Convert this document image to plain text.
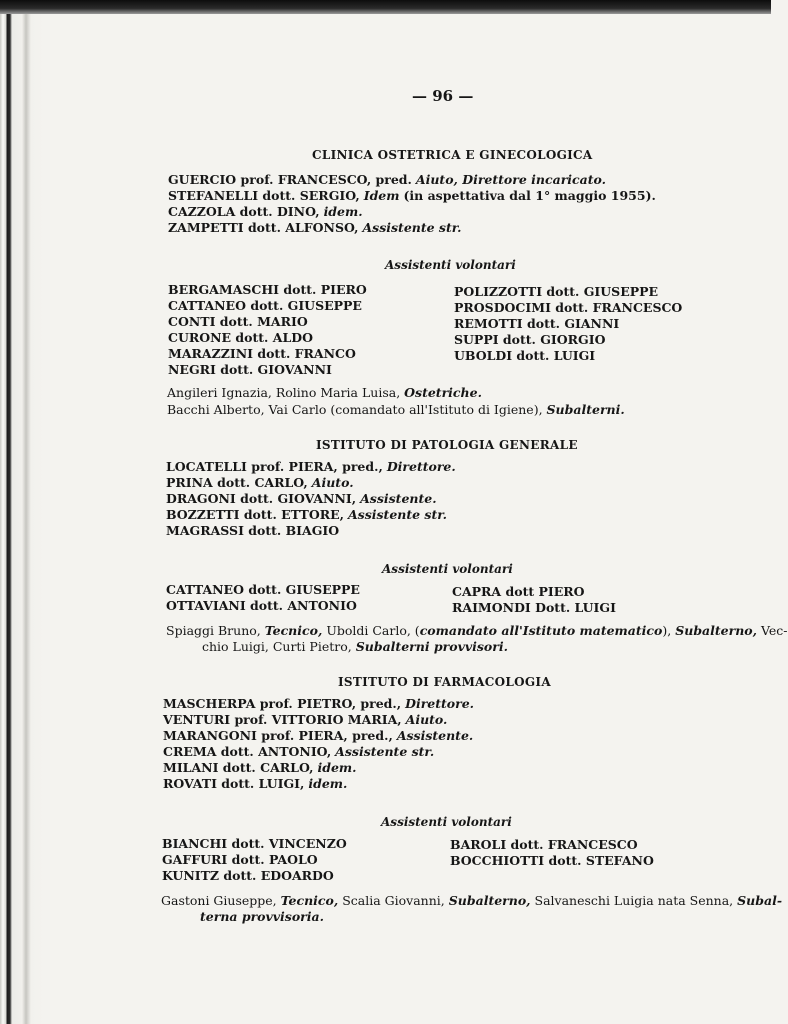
— 96 —
CLINICA OSTETRICA E GINECOLOGICA
GUERCIO prof. FRANCESCO, pred. Aiuto, Direttore incaricato.
STEFANELLI dott. SERGIO, Idem (in aspettativa dal 1° maggio 1955).
CAZZOLA dott. DINO, idem.
ZAMPETTI dott. ALFONSO, Assistente str.
Assistenti volontari
BERGAMASCHI dott. PIERO
CATTANEO dott. GIUSEPPE
CONTI dott. MARIO
CURONE dott. ALDO
MARAZZINI dott. FRANCO
NEGRI dott. GIOVANNI
POLIZZOTTI dott. GIUSEPPE
PROSDOCIMI dott. FRANCESCO
REMOTTI dott. GIANNI
SUPPI dott. GIORGIO
UBOLDI dott. LUIGI
Angileri Ignazia, Rolino Maria Luisa, Ostetriche.
Bacchi Alberto, Vai Carlo (comandato all'Istituto di Igiene), Subalterni.
ISTITUTO DI PATOLOGIA GENERALE
LOCATELLI prof. PIERA, pred., Direttore.
PRINA dott. CARLO, Aiuto.
DRAGONI dott. GIOVANNI, Assistente.
BOZZETTI dott. ETTORE, Assistente str.
MAGRASSI dott. BIAGIO
Assistenti volontari
CATTANEO dott. GIUSEPPE
OTTAVIANI dott. ANTONIO
CAPRA dott PIERO
RAIMONDI Dott. LUIGI
Spiaggi Bruno, Tecnico, Uboldi Carlo, (comandato all'Istituto matematico), Subalterno, Vec-
chio Luigi, Curti Pietro, Subalterni provvisori.
ISTITUTO DI FARMACOLOGIA
MASCHERPA prof. PIETRO, pred., Direttore.
VENTURI prof. VITTORIO MARIA, Aiuto.
MARANGONI prof. PIERA, pred., Assistente.
CREMA dott. ANTONIO, Assistente str.
MILANI dott. CARLO, idem.
ROVATI dott. LUIGI, idem.
Assistenti volontari
BIANCHI dott. VINCENZO
GAFFURI dott. PAOLO
KUNITZ dott. EDOARDO
BAROLI dott. FRANCESCO
BOCCHIOTTI dott. STEFANO
Gastoni Giuseppe, Tecnico, Scalia Giovanni, Subalterno, Salvaneschi Luigia nata Senna, Subal-
terna provvisoria.
